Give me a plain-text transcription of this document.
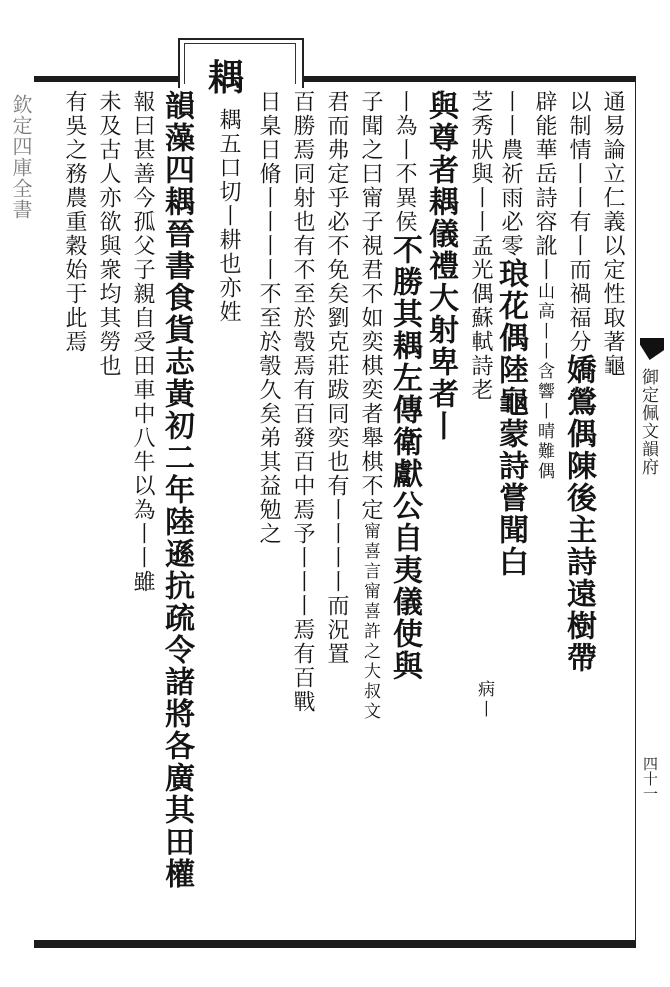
欽定四庫全書
耦
御定佩文韻府
四十一
通易論立仁義以定性取著龜
以制情丨丨有丨而禍福分嬌鶯偶陳後主詩遠樹帶
辟能華岳詩容訛丨山高丨丨含響丨晴難偶
丨丨農祈雨必零琅花偶陸龜蒙詩嘗聞白
芝秀狀與丨丨孟光偶蘇軾詩老
病丨
與尊者耦儀禮大射卑者丨
丨為丨不異侯不勝其耦左傳衛獻公自夷儀使與
子聞之曰甯子視君不如奕棋奕者舉棋不定甯喜言甯喜許之大叔文
君而弗定乎必不免矣劉克莊跋同奕也有丨丨丨丨而況置
百勝焉同射也有不至於彀焉有百發百中焉予丨丨丨焉有百戰
日臬日脩丨丨丨丨不至於彀久矣弟其益勉之
耦五口切丨耕也亦姓
韻藻四耦晉書食貨志黃初二年陸遜抗疏令諸將各廣其田權
報曰甚善今孤父子親自受田車中八牛以為丨丨雖
未及古人亦欲與衆均其勞也
有吳之務農重穀始于此焉
